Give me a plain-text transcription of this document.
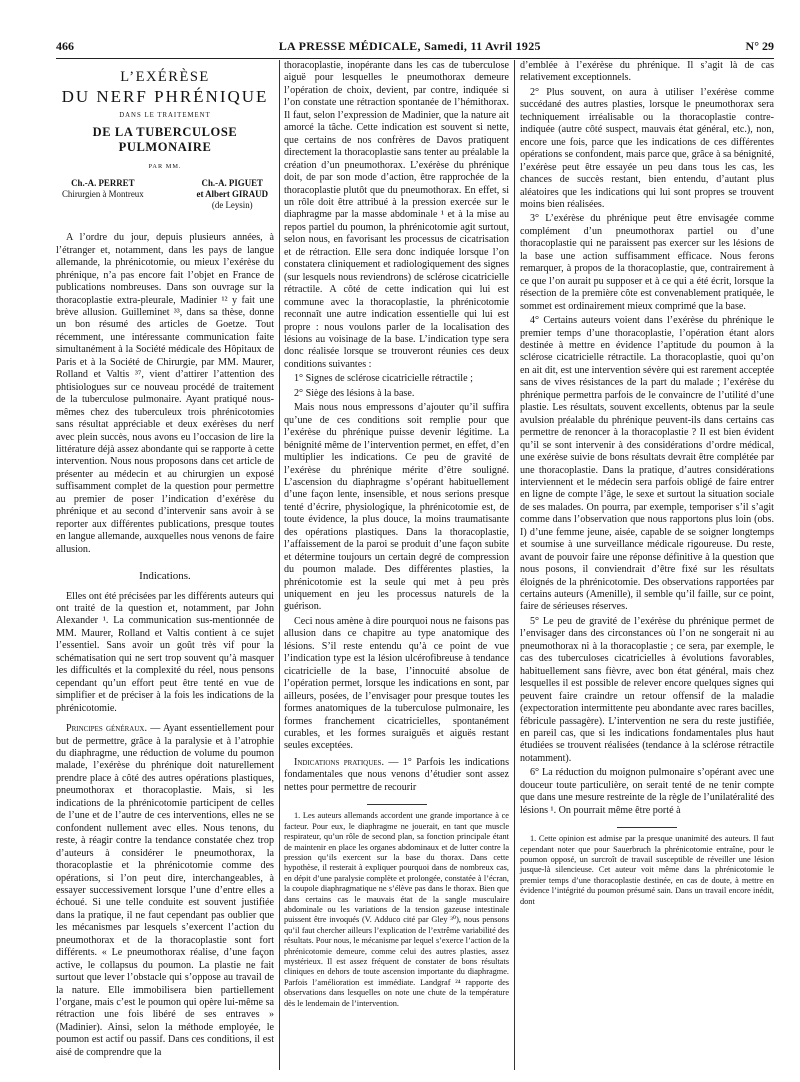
466	LA PRESSE MÉDICALE, Samedi, 11 Avril 1925	N° 29
L’EXÉRÈSE
DU NERF PHRÉNIQUE
DANS LE TRAITEMENT
DE LA TUBERCULOSE PULMONAIRE
PAR MM.
Ch.-A. PERRET
Chirurgien à Montreux
Ch.-A. PIGUET
et Albert GIRAUD
(de Leysin)

A l’ordre du jour, depuis plusieurs années, à l’étranger et, notamment, dans les pays de langue allemande, la phrénicotomie, ou mieux l’exérèse du phrénique, n’a pas encore fait l’objet en France de publications nombreuses. Dans son ouvrage sur la thoracoplastie extra-pleurale, Madinier ¹² y fait une brève allusion. Guilleminet ³³, dans sa thèse, donne un bon résumé des articles de Goetze. Tout récemment, une intéressante communication faite simultanément à la Société médicale des Hôpitaux de Paris et à la Société de Chirurgie, par MM. Maurer, Rolland et Valtis ³⁷, vient d’attirer l’attention des phtisiologues sur ce nouveau procédé de traitement de la tuberculose pulmonaire. Ayant pratiqué nous-mêmes chez des tuberculeux trois phrénicotomies sans résultat appréciable et deux exérèses du nerf avec plein succès, nous avons eu l’occasion de lire la littérature déjà assez abondante qui se rapporte à cette intervention. Nous nous proposons dans cet article de présenter au médecin et au chirurgien un exposé suffisamment complet de la question pour permettre au premier de poser l’indication d’exérèse du phrénique et au second d’intervenir sans avoir à se reporter aux différentes publications, presque toutes en langue allemande, auxquelles nous venons de faire allusion.

Indications.

Elles ont été précisées par les différents auteurs qui ont traité de la question et, notamment, par John Alexander ¹. La communication sus-mentionnée de MM. Maurer, Rolland et Valtis contient à ce sujet l’essentiel. Sans avoir un goût très vif pour la schématisation qui ne sert trop souvent qu’à masquer les difficultés et la complexité du réel, nous pensons cependant qu’un effort peut être tenté en vue de simplifier et de préciser à la fois les indications de la phrénicotomie.

Principes généraux. — Ayant essentiellement pour but de permettre, grâce à la paralysie et à l’atrophie du diaphragme, une réduction de volume du poumon malade, l’exérèse du phrénique doit naturellement prendre place à côté des autres opérations plastiques, pneumothorax et thoracoplastie. Mais, si les indications de la phrénicotomie participent de celles de l’une et de l’autre de ces interventions, elles ne se confondent nullement avec elles. Nous tenons, du reste, à réagir contre la tendance constatée chez trop d’auteurs à considérer le pneumothorax, la thoracoplastie et la phrénicotomie comme des opérations, si l’on peut dire, interchangeables, à essayer successivement lorsque l’une d’entre elles a échoué. Si une telle conduite est souvent justifiée dans la pratique, il ne faut cependant pas oublier que les mécanismes par lesquels s’exercent l’action du pneumothorax et de la thoracoplastie sont fort différents. « Le pneumothorax réalise, d’une façon active, le collapsus du poumon. La plastie ne fait surtout que lever l’obstacle qui s’oppose au travail de la nature. Elle immobilisera bien partiellement l’organe, mais c’est le poumon qui opère lui-même sa rétraction une fois libéré de ses entraves » (Madinier). Ainsi, selon la méthode employée, le poumon est actif ou passif. Dans ces conditions, il est aisé de comprendre que la

thoracoplastie, inopérante dans les cas de tuberculose aiguë pour lesquelles le pneumothorax demeure l’opération de choix, devient, par contre, indiquée si l’on constate une rétraction spontanée de l’hémithorax. Il faut, selon l’expression de Madinier, que la nature ait amorcé la tâche. Cette indication est souvent si nette, que certains de nos confrères de Davos pratiquent directement la thoracoplastie sans tenter au préalable la création d’un pneumothorax. L’exérèse du phrénique doit, de par son mode d’action, être rapprochée de la thoracoplastie plutôt que du pneumothorax. En effet, si un rôle doit être attribué à la pression exercée sur le diaphragme par la masse abdominale ¹ et à la mise au repos partiel du poumon, la phrénicotomie agit surtout, selon nous, en favorisant les processus de cicatrisation et de rétraction. Elle sera donc indiquée lorsque l’on constatera cliniquement et radiologiquement des signes (sur lesquels nous reviendrons) de sclérose cicatricielle rétractile. A côté de cette indication qui lui est commune avec la thoracoplastie, la phrénicotomie reconnaît une autre indication essentielle qui lui est propre : nous voulons parler de la localisation des lésions au voisinage de la base. L’indication type sera donc réalisée lorsque se trouveront réunies ces deux conditions suivantes :

1° Signes de sclérose cicatricielle rétractile ;

2° Siège des lésions à la base.

Mais nous nous empressons d’ajouter qu’il suffira qu’une de ces conditions soit remplie pour que l’exérèse du phrénique puisse devenir légitime. La bénignité même de l’intervention permet, en effet, d’en multiplier les indications. Ce peu de gravité de l’exérèse du phrénique mérite d’être souligné. L’ascension du diaphragme s’opérant habituellement d’une façon lente, insensible, et nous serions presque tenté d’écrire, physiologique, la phrénicotomie est, de toute évidence, la plus douce, la moins traumatisante des opérations plastiques. Dans la thoracoplastie, l’affaissement de la paroi se produit d’une façon subite et détermine toujours un certain degré de compression du poumon malade. Des différentes plasties, la phrénicotomie est la seule qui met à peu près uniquement en jeu les processus naturels de la guérison.

Ceci nous amène à dire pourquoi nous ne faisons pas allusion dans ce chapitre au type anatomique des lésions. S’il reste entendu qu’à ce point de vue l’indication type est la lésion ulcérofibreuse à tendance cicatricielle de la base, l’innocuité absolue de l’opération permet, lorsque les indications en sont, par ailleurs, posées, de l’envisager pour presque toutes les formes anatomiques de la tuberculose pulmonaire, les formes franchement cicatricielles, spontanément curables, et les formes suraiguës et aiguës restant seules exceptées.

Indications pratiques. — 1° Parfois les indications fondamentales que nous venons d’étudier sont assez nettes pour permettre de recourir

1. Les auteurs allemands accordent une grande importance à ce facteur. Pour eux, le diaphragme ne jouerait, en tant que muscle respirateur, qu’un rôle de second plan, sa fonction principale étant de maintenir en place les organes abdominaux et de lutter contre la pression qu’ils exercent sur la base du thorax. Dans cette hypothèse, il resterait à expliquer pourquoi dans de nombreux cas, en dépit d’une paralysie complète et prolongée, constatée à l’écran, la coupole diaphragmatique ne s’élève pas dans le thorax. Bien que dans certains cas le mauvais état de la sangle musculaire abdominale ou les variations de la tension gazeuse intestinale puissent être invoqués (V. Adduco cité par Gley ³⁰), nous pensons qu’il faut chercher ailleurs l’explication de l’extrême variabilité des résultats. Pour nous, le mécanisme par lequel s’exerce l’action de la phrénicotomie demeure, comme celui des autres plasties, assez mystérieux. Il est assez fréquent de constater de bons résultats cliniques en dehors de toute ascension importante du diaphragme. Parfois l’amélioration est immédiate. Landgraf ²⁴ rapporte des observations dans lesquelles on note une chute de la température dès le lendemain de l’intervention.

d’emblée à l’exérèse du phrénique. Il s’agit là de cas relativement exceptionnels.

2° Plus souvent, on aura à utiliser l’exérèse comme succédané des autres plasties, lorsque le pneumothorax sera techniquement irréalisable ou la thoracoplastie contre-indiquée (autre côté suspect, mauvais état général, etc.), non, encore une fois, parce que les indications de ces différentes opérations se confondent, mais parce que, grâce à sa bénignité, l’exérèse peut être essayée un peu dans tous les cas, les chances de succès restant, bien entendu, d’autant plus aléatoires que les indications qui lui sont propres se trouvent moins bien réalisées.

3° L’exérèse du phrénique peut être envisagée comme complément d’un pneumothorax partiel ou d’une thoracoplastie qui ne paraissent pas exercer sur les lésions de la base une action suffisamment efficace. Nous ferons remarquer, à propos de la thoracoplastie, que, contrairement à ce que l’on aurait pu supposer et à ce qui a été écrit, lorsque la résection de la première côte est convenablement pratiquée, le sommet est ordinairement mieux comprimé que la base.

4° Certains auteurs voient dans l’exérèse du phrénique le premier temps d’une thoracoplastie, l’opération étant alors destinée à mettre en évidence l’aptitude du poumon à la sclérose cicatricielle rétractile. La thoracoplastie, quoi qu’on en ait dit, est une intervention sévère qui est rarement acceptée sans de vives résistances de la part du malade ; l’exérèse du phrénique permettra parfois de le convaincre de l’utilité d’une plastie. Les résultats, souvent excellents, obtenus par la seule avulsion préalable du phrénique peuvent-ils dans certains cas permettre de renoncer à la thoracoplastie ? Il est bien évident qu’il se sont intervenir à des considérations d’ordre médical, une exérèse suivie de bons résultats devrait être complétée par une thoracoplastie. Dans la pratique, d’autres considérations interviennent et le médecin sera parfois obligé de faire entrer en ligne de compte l’âge, le sexe et surtout la situation sociale de ses malades. On pourra, par exemple, temporiser s’il s’agit comme dans l’observation que nous rapportons plus loin (obs. I) d’une femme jeune, aisée, capable de se soigner longtemps et soumise à une surveillance médicale rigoureuse. Du reste, avant de pouvoir faire une réponse définitive à la question que nous posons, il conviendrait d’être fixé sur les résultats éloignés de la phrénicotomie. Des observations rapportées par certains auteurs (Amenille), il semble qu’il faille, sur ce point, faire de sérieuses réserves.

5° Le peu de gravité de l’exérèse du phrénique permet de l’envisager dans des circonstances où l’on ne songerait ni au pneumothorax ni à la thoracoplastie ; ce sera, par exemple, le cas des tuberculoses cicatricielles à évolutions favorables, habituellement sans fièvre, avec bon état général, mais chez lesquelles il est possible de relever encore quelques signes qui peuvent faire craindre un retour offensif de la maladie (expectoration intermittente peu abondante avec rares bacilles, fébricule passagère). L’intervention ne sera du reste justifiée, en pareil cas, que si les indications fondamentales plus haut étudiées se trouvent réalisées (tendance à la sclérose rétractile notamment).

6° La réduction du moignon pulmonaire s’opérant avec une douceur toute particulière, on serait tenté de ne tenir compte que dans une mesure restreinte de la règle de l’unilatéralité des lésions ¹. On pourrait même être porté à

1. Cette opinion est admise par la presque unanimité des auteurs. Il faut cependant noter que pour Sauerbruch la phrénicotomie entraîne, pour le poumon opposé, un surcroît de travail susceptible de réveiller une lésion jusque-là silencieuse. Cet auteur voit même dans la phrénicotomie le premier temps d’une thoracoplastie destinée, en cas de doute, à mettre en évidence l’intégrité du poumon présumé sain. Dans un travail encore inédit, dont
